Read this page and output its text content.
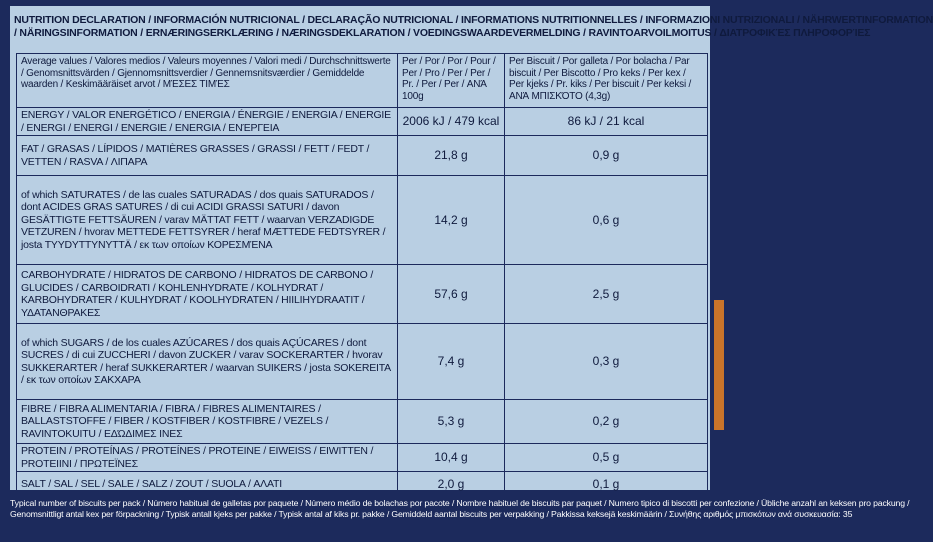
NUTRITION DECLARATION / INFORMACIÓN NUTRICIONAL / DECLARAÇÃO NUTRICIONAL / INFORMATIONS NUTRITIONNELLES / INFORMAZIONI NUTRIZIONALI / NÄHRWERTINFORMATION
/ NÄRINGSINFORMATION / ERNÆRINGSERKLÆRING / NÆRINGSDEKLARATION / VOEDINGSWAARDEVERMELDING / RAVINTOARVOILMOITUS / ΔΙΑΤΡΟΦΙΚΈΣ ΠΛΗΡΟΦΟΡΊΕΣ
Average values / Valores medios / Valeurs moyennes / Valori medi / Durchschnittswerte / Genomsnittsvärden / Gjennomsnittsverdier / Gennemsnitsværdier / Gemiddelde waarden / Keskimääräiset arvot / ΜΈΣΕΣ ΤΙΜΈΣ	Per / Por / Por / Pour / Per / Pro / Per / Per / Pr. / Per / Per / ΑΝΆ 100g	Per Biscuit / Por galleta / Por bolacha / Par biscuit / Per Biscotto / Pro keks / Per kex / Per kjeks / Pr. kiks / Per biscuit / Per keksi / ΑΝΆ ΜΠΙΣΚΌΤΟ (4,3g)
ENERGY / VALOR ENERGÉTICO / ENERGIA / ÉNERGIE / ENERGIA / ENERGIE / ENERGI / ENERGI / ENERGIE / ENERGIA / ΕΝΈΡΓΕΙΑ	2006 kJ / 479 kcal	86 kJ / 21 kcal
FAT / GRASAS / LÍPIDOS / MATIÈRES GRASSES / GRASSI / FETT / FEDT / VETTEN / RASVA / ΛΙΠΑΡΑ	21,8 g	0,9 g
of which SATURATES / de las cuales SATURADAS / dos quais SATURADOS / dont ACIDES GRAS SATURES / di cui ACIDI GRASSI SATURI / davon GESÄTTIGTE FETTSÄUREN / varav MÄTTAT FETT / waarvan VERZADIGDE VETZUREN / hvorav METTEDE FETTSYRER / heraf MÆTTEDE FEDTSYRER / josta TYYDYTTYNYTTÄ / εκ των οποίων ΚΟΡΕΣΜΈΝΑ	14,2 g	0,6 g
CARBOHYDRATE / HIDRATOS DE CARBONO / HIDRATOS DE CARBONO / GLUCIDES / CARBOIDRATI / KOHLENHYDRATE / KOLHYDRAT / KARBOHYDRATER / KULHYDRAT / KOOLHYDRATEN / HIILIHYDRAATIT / ΥΔΑΤΑΝΘΡΑΚΕΣ	57,6 g	2,5 g
of which SUGARS / de los cuales AZÚCARES / dos quais AÇÚCARES / dont SUCRES / di cui ZUCCHERI / davon ZUCKER / varav SOCKERARTER / hvorav SUKKERARTER / heraf SUKKERARTER / waarvan SUIKERS / josta SOKEREITA / εκ των οποίων ΣΑΚΧΑΡΑ	7,4 g	0,3 g
FIBRE / FIBRA ALIMENTARIA / FIBRA / FIBRES ALIMENTAIRES / BALLASTSTOFFE / FIBER / KOSTFIBER / KOSTFIBRE / VEZELS / RAVINTOKUITU / ΕΔΏΔΙΜΕΣ ΙΝΕΣ	5,3 g	0,2 g
PROTEIN / PROTEÍNAS / PROTEÍNES / PROTEINE / EIWEISS / EIWITTEN / PROTEIINI / ΠΡΩΤΕΪΝΕΣ	10,4 g	0,5 g
SALT / SAL / SEL / SALE / SALZ / ZOUT / SUOLA / ΑΛΑΤΙ	2,0 g	0,1 g
Typical number of biscuits per pack / Número habitual de galletas por paquete / Número médio de bolachas por pacote / Nombre habituel de biscuits par paquet / Numero tipico di biscotti per confezione / Übliche anzahl an keksen pro packung /
Genomsnittligt antal kex per förpackning / Typisk antall kjeks per pakke / Typisk antal af kiks pr. pakke / Gemiddeld aantal biscuits per verpakking / Pakkissa keksejä keskimäärin / Συνήθης αριθμός μπισκότων ανά συσκευασία: 35
